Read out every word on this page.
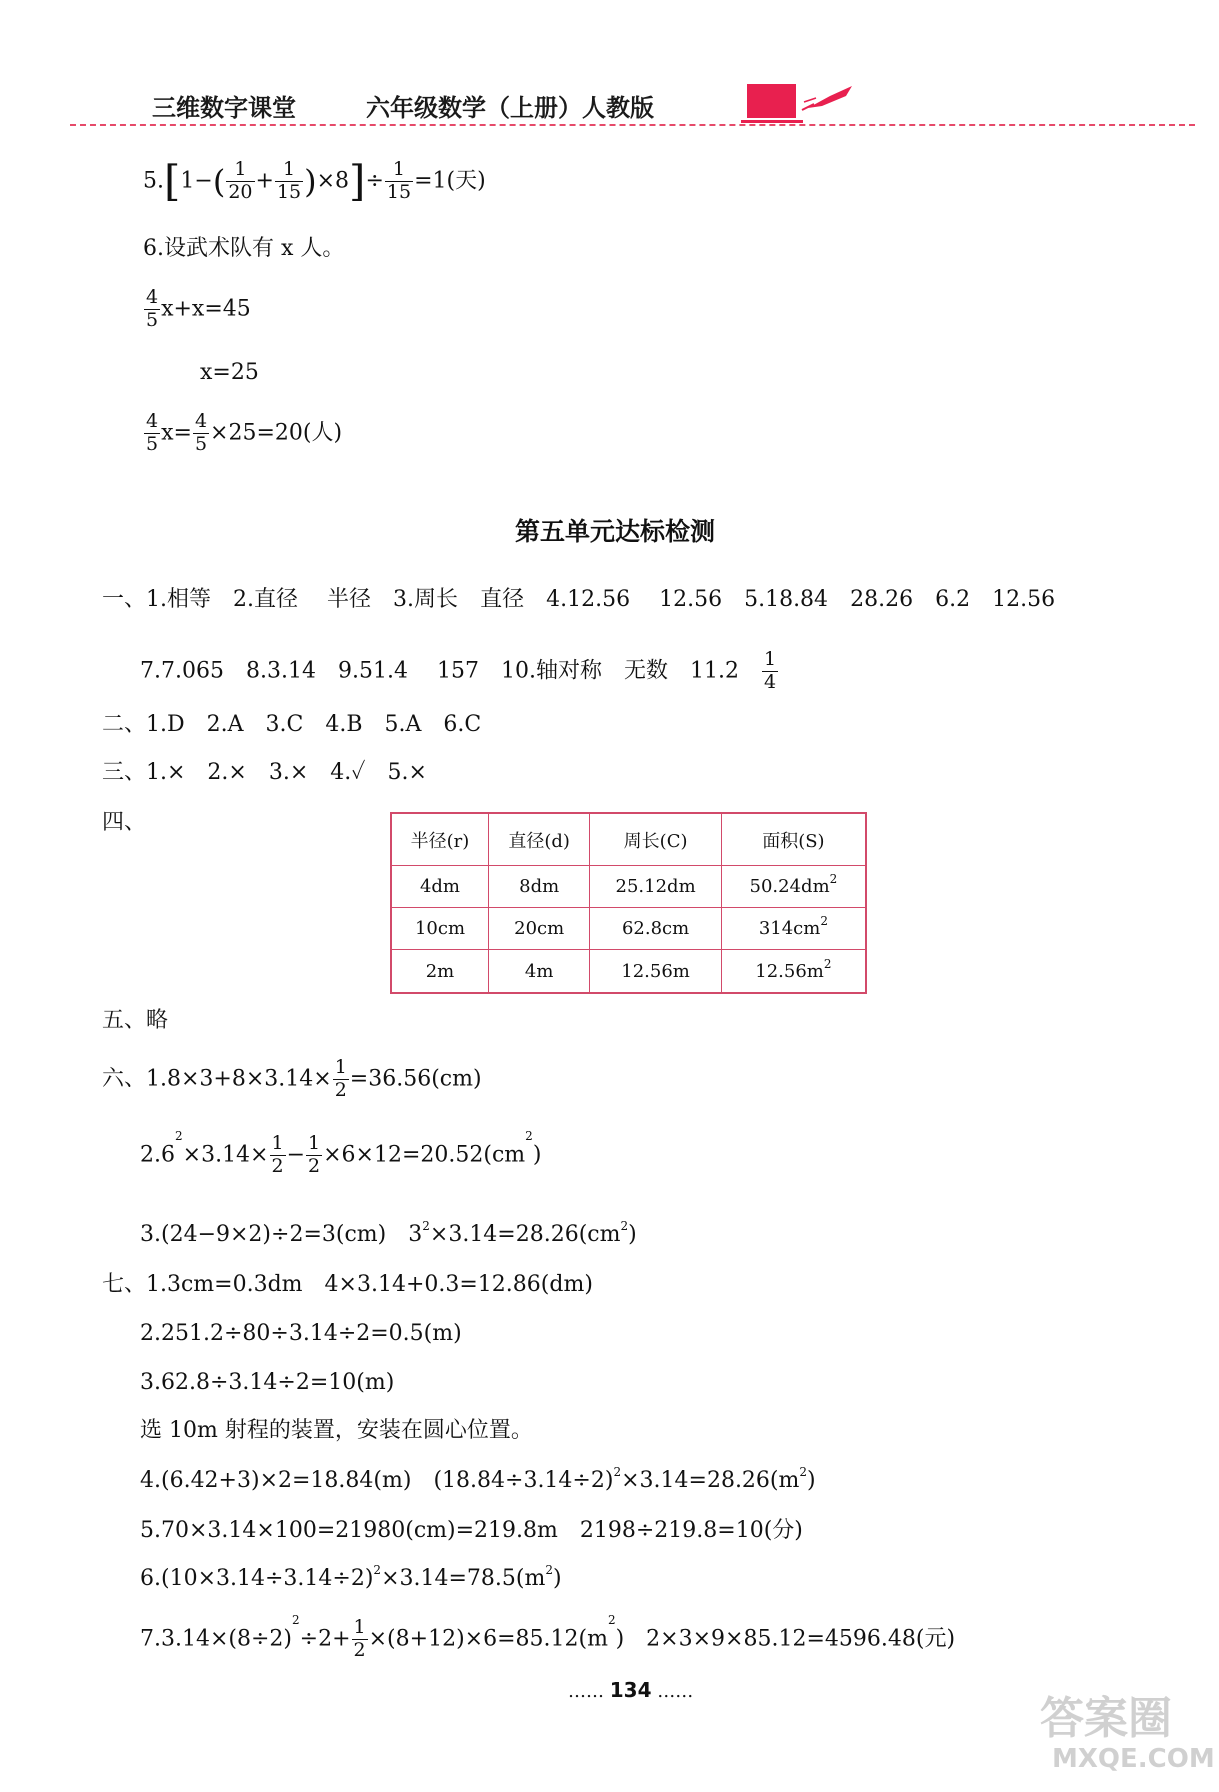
三维数字课堂	六年级数学（上册）人教版
$5.[1-( \frac{1}{20} + \frac{1}{15} )\times 8]\div \frac{1}{15} =1$(天)
6.设武术队有 x 人。
$\frac{4}{5} x+x=45$
x=25
$\frac{4}{5} x= \frac{4}{5} \times 25=20$(人)
第五单元达标检测
一、1.相等　 2.直径　 半径　 3.周长　 直径　 4.12.56　 12.56　 5.18.84　 28.26　 6.2　 12.56
7.7.065　 8.3.14　 9.51.4　 157　 10.轴对称　 无数　 11.2　 $\frac{1}{4}$
二、1.D　2.A　3.C　4.B　5.A　6.C
三、1.×　2.×　3.×　4.✓　5.×
四、
半径(r)	直径(d)	周长(C)	面积(S)
4dm	8dm	25.12dm	$50.24dm^2$
10cm	20cm	62.8cm	$314cm^2$
2m	4m	12.56m	$12.56m^2$
五、略
六、$1.8\times 3+8\times 3.14\times \frac{1}{2} =36.56(cm)$
$2.6^2\times 3.14\times \frac{1}{2} - \frac{1}{2} \times 6\times 12=20.52(cm^2)$
3.(24−9×2)÷2=3(cm)　 $3^2\times 3.14=28.26(cm^2)$
七、1.3cm=0.3dm　4×3.14+0.3=12.86(dm)
2.251.2÷80÷3.14÷2=0.5(m)
3.62.8÷3.14÷2=10(m)
选 10m 射程的装置，安装在圆心位置。
4.(6.42+3)×2=18.84(m)　$(18.84\div 3.14\div 2)^2\times 3.14=28.26(m^2)$
5.70×3.14×100=21980(cm)=219.8m　2198÷219.8=10(分)
$6.(10\times 3.14\div 3.14\div 2)^2\times 3.14=78.5(m^2)$
$7.3.14\times(8\div 2)^2\div 2+ \frac{1}{2} \times(8+12)\times 6=85.12(m^2)$　2×3×9×85.12=4596.48(元)
…… 134 ……
答案圈
MXQE.COM
